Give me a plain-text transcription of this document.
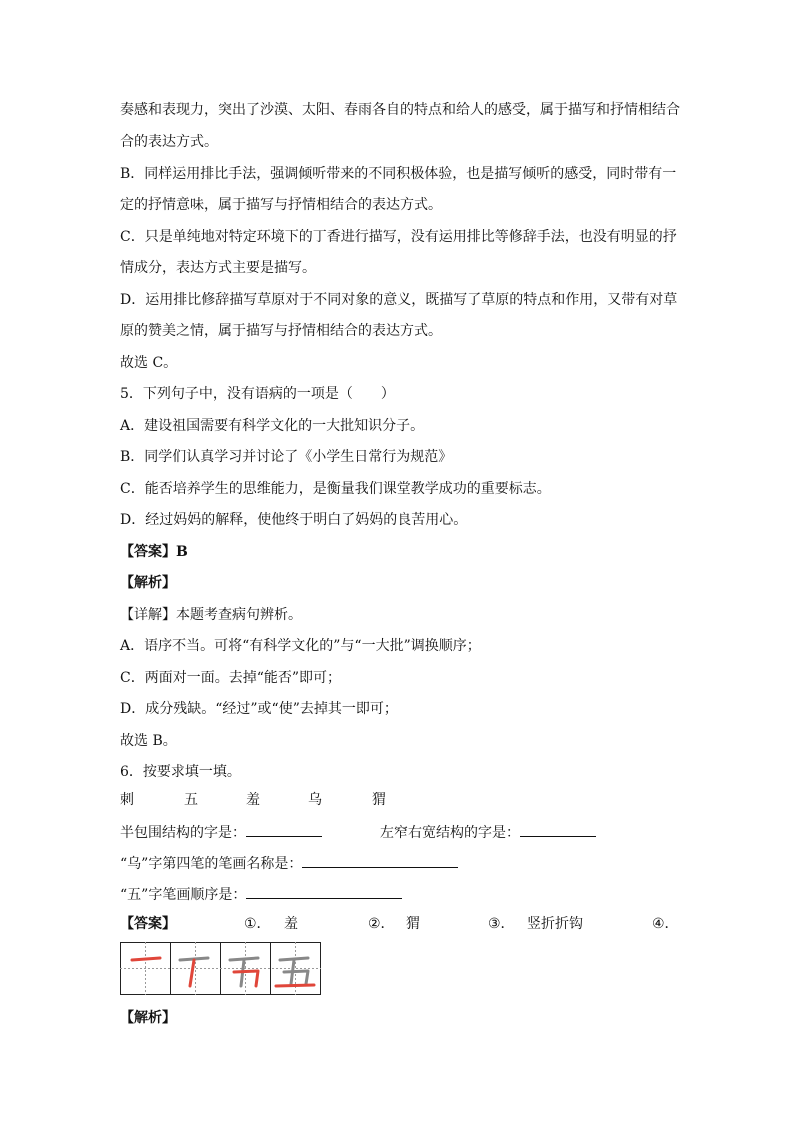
奏感和表现力，突出了沙漠、太阳、春雨各自的特点和给人的感受，属于描写和抒情相结合
合的表达方式。
B．同样运用排比手法，强调倾听带来的不同积极体验，也是描写倾听的感受，同时带有一
定的抒情意味，属于描写与抒情相结合的表达方式。
C．只是单纯地对特定环境下的丁香进行描写，没有运用排比等修辞手法，也没有明显的抒
情成分，表达方式主要是描写。
D．运用排比修辞描写草原对于不同对象的意义，既描写了草原的特点和作用，又带有对草
原的赞美之情，属于描写与抒情相结合的表达方式。
故选 C。
5．下列句子中，没有语病的一项是（　　）
A．建设祖国需要有科学文化的一大批知识分子。
B．同学们认真学习并讨论了《小学生日常行为规范》
C．能否培养学生的思维能力，是衡量我们课堂教学成功的重要标志。
D．经过妈妈的解释，使他终于明白了妈妈的良苦用心。
【答案】B
【解析】
【详解】本题考查病句辨析。
A．语序不当。可将“有科学文化的”与“一大批”调换顺序；
C．两面对一面。去掉“能否”即可；
D．成分残缺。“经过”或“使”去掉其一即可；
故选 B。
6．按要求填一填。
刺	五	羞	乌	猬
半包围结构的字是：	左窄右宽结构的字是：
“乌”字第四笔的笔画名称是：
“五”字笔画顺序是：
【答案】	①． 羞	②． 猬	③． 竖折折钩	④．
【解析】
